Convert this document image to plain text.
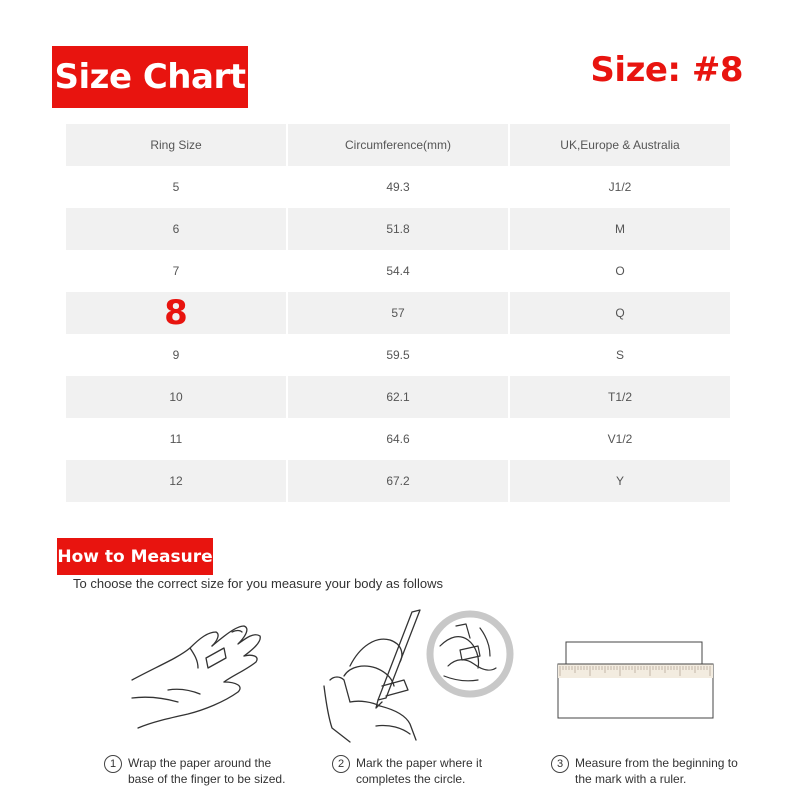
Size Chart	Size: #8
Ring Size	Circumference(mm)	UK,Europe & Australia
5	49.3	J1/2
6	51.8	M
7	54.4	O
8	57	Q
9	59.5	S
10	62.1	T1/2
11	64.6	V1/2
12	67.2	Y
How to Measure
To choose the correct size for you measure your body as follows
1 Wrap the paper around the
base of the finger to be sized.
2 Mark the paper where it
completes the circle.
3 Measure from the beginning to
the mark with a ruler.
